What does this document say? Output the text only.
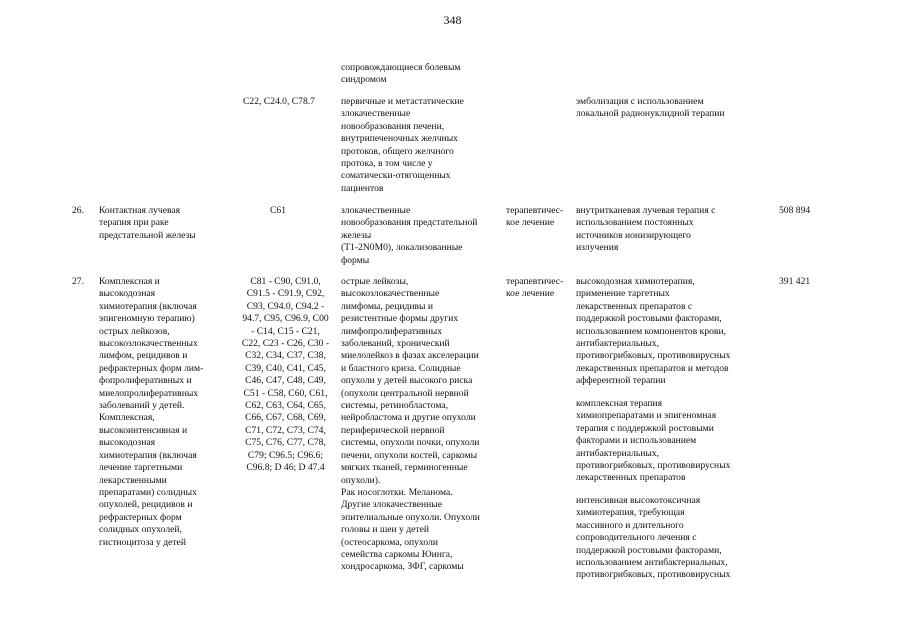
348
сопровождающиеся болевым
синдромом
C22, C24.0, C78.7	первичные и метастатические
злокачественные
новообразования печени,
внутрипеченочных желчных
протоков, общего желчного
протока, в том числе у
соматически-отягощенных
пациентов
эмболизация с использованием
локальной радионуклидной терапии
26. Контактная лучевая
терапия при раке
предстательной железы
C61	злокачественные
новообразования предстательной
железы
(T1-2N0M0), локализованные
формы
терапевтичес-
кое лечение
внутритканевая лучевая терапия с
использованием постоянных
источников ионизирующего
излучения
508 894
27. Комплексная и
высокодозная
химиотерапия (включая
эпигеномную терапию)
острых лейкозов,
высокозлокачественных
лимфом, рецидивов и
рефрактерных форм лим-
фопролиферативных и
миелопролиферативных
заболеваний у детей.
Комплексная,
высокоинтенсивная и
высокодозная
химиотерапия (включая
лечение таргетными
лекарственными
препаратами) солидных
опухолей, рецидивов и
рефрактерных форм
солидных опухолей,
гистиоцитоза у детей
C81 - C90, C91.0,
C91.5 - C91.9, C92,
C93, C94.0, C94.2 -
94.7, C95, C96.9, C00
- C14, C15 - C21,
C22, C23 - C26, C30 -
C32, C34, C37, C38,
C39, C40, C41, C45,
C46, C47, C48, C49,
C51 - C58, C60, C61,
C62, C63, C64, C65,
C66, C67, C68, C69,
C71, C72, C73, C74,
C75, C76, C77, C78,
C79; C96.5; C96.6;
C96.8; D 46; D 47.4
острые лейкозы,
высокозлокачественные
лимфомы, рецидивы и
резистентные формы других
лимфопролиферативных
заболеваний, хронический
миелолейкоз в фазах акселерации
и бластного криза. Солидные
опухоли у детей высокого риска
(опухоли центральной нервной
системы, ретинобластома,
нейробластома и другие опухоли
периферической нервной
системы, опухоли почки, опухоли
печени, опухоли костей, саркомы
мягких тканей, герминогенные
опухоли).
Рак носоглотки. Меланома.
Другие злокачественные
эпителиальные опухоли. Опухоли
головы и шеи у детей
(остеосаркома, опухоли
семейства саркомы Юинга,
хондросаркома, ЗФГ, саркомы
терапевтичес-
кое лечение
высокодозная химиотерапия,
применение таргетных
лекарственных препаратов с
поддержкой ростовыми факторами,
использованием компонентов крови,
антибактериальных,
противогрибковых, противовирусных
лекарственных препаратов и методов
афферентной терапии
комплексная терапия
химиопрепаратами и эпигеномная
терапия с поддержкой ростовыми
факторами и использованием
антибактериальных,
противогрибковых, противовирусных
лекарственных препаратов
интенсивная высокотоксичная
химиотерапия, требующая
массивного и длительного
сопроводительного лечения с
поддержкой ростовыми факторами,
использованием антибактериальных,
противогрибковых, противовирусных
391 421
